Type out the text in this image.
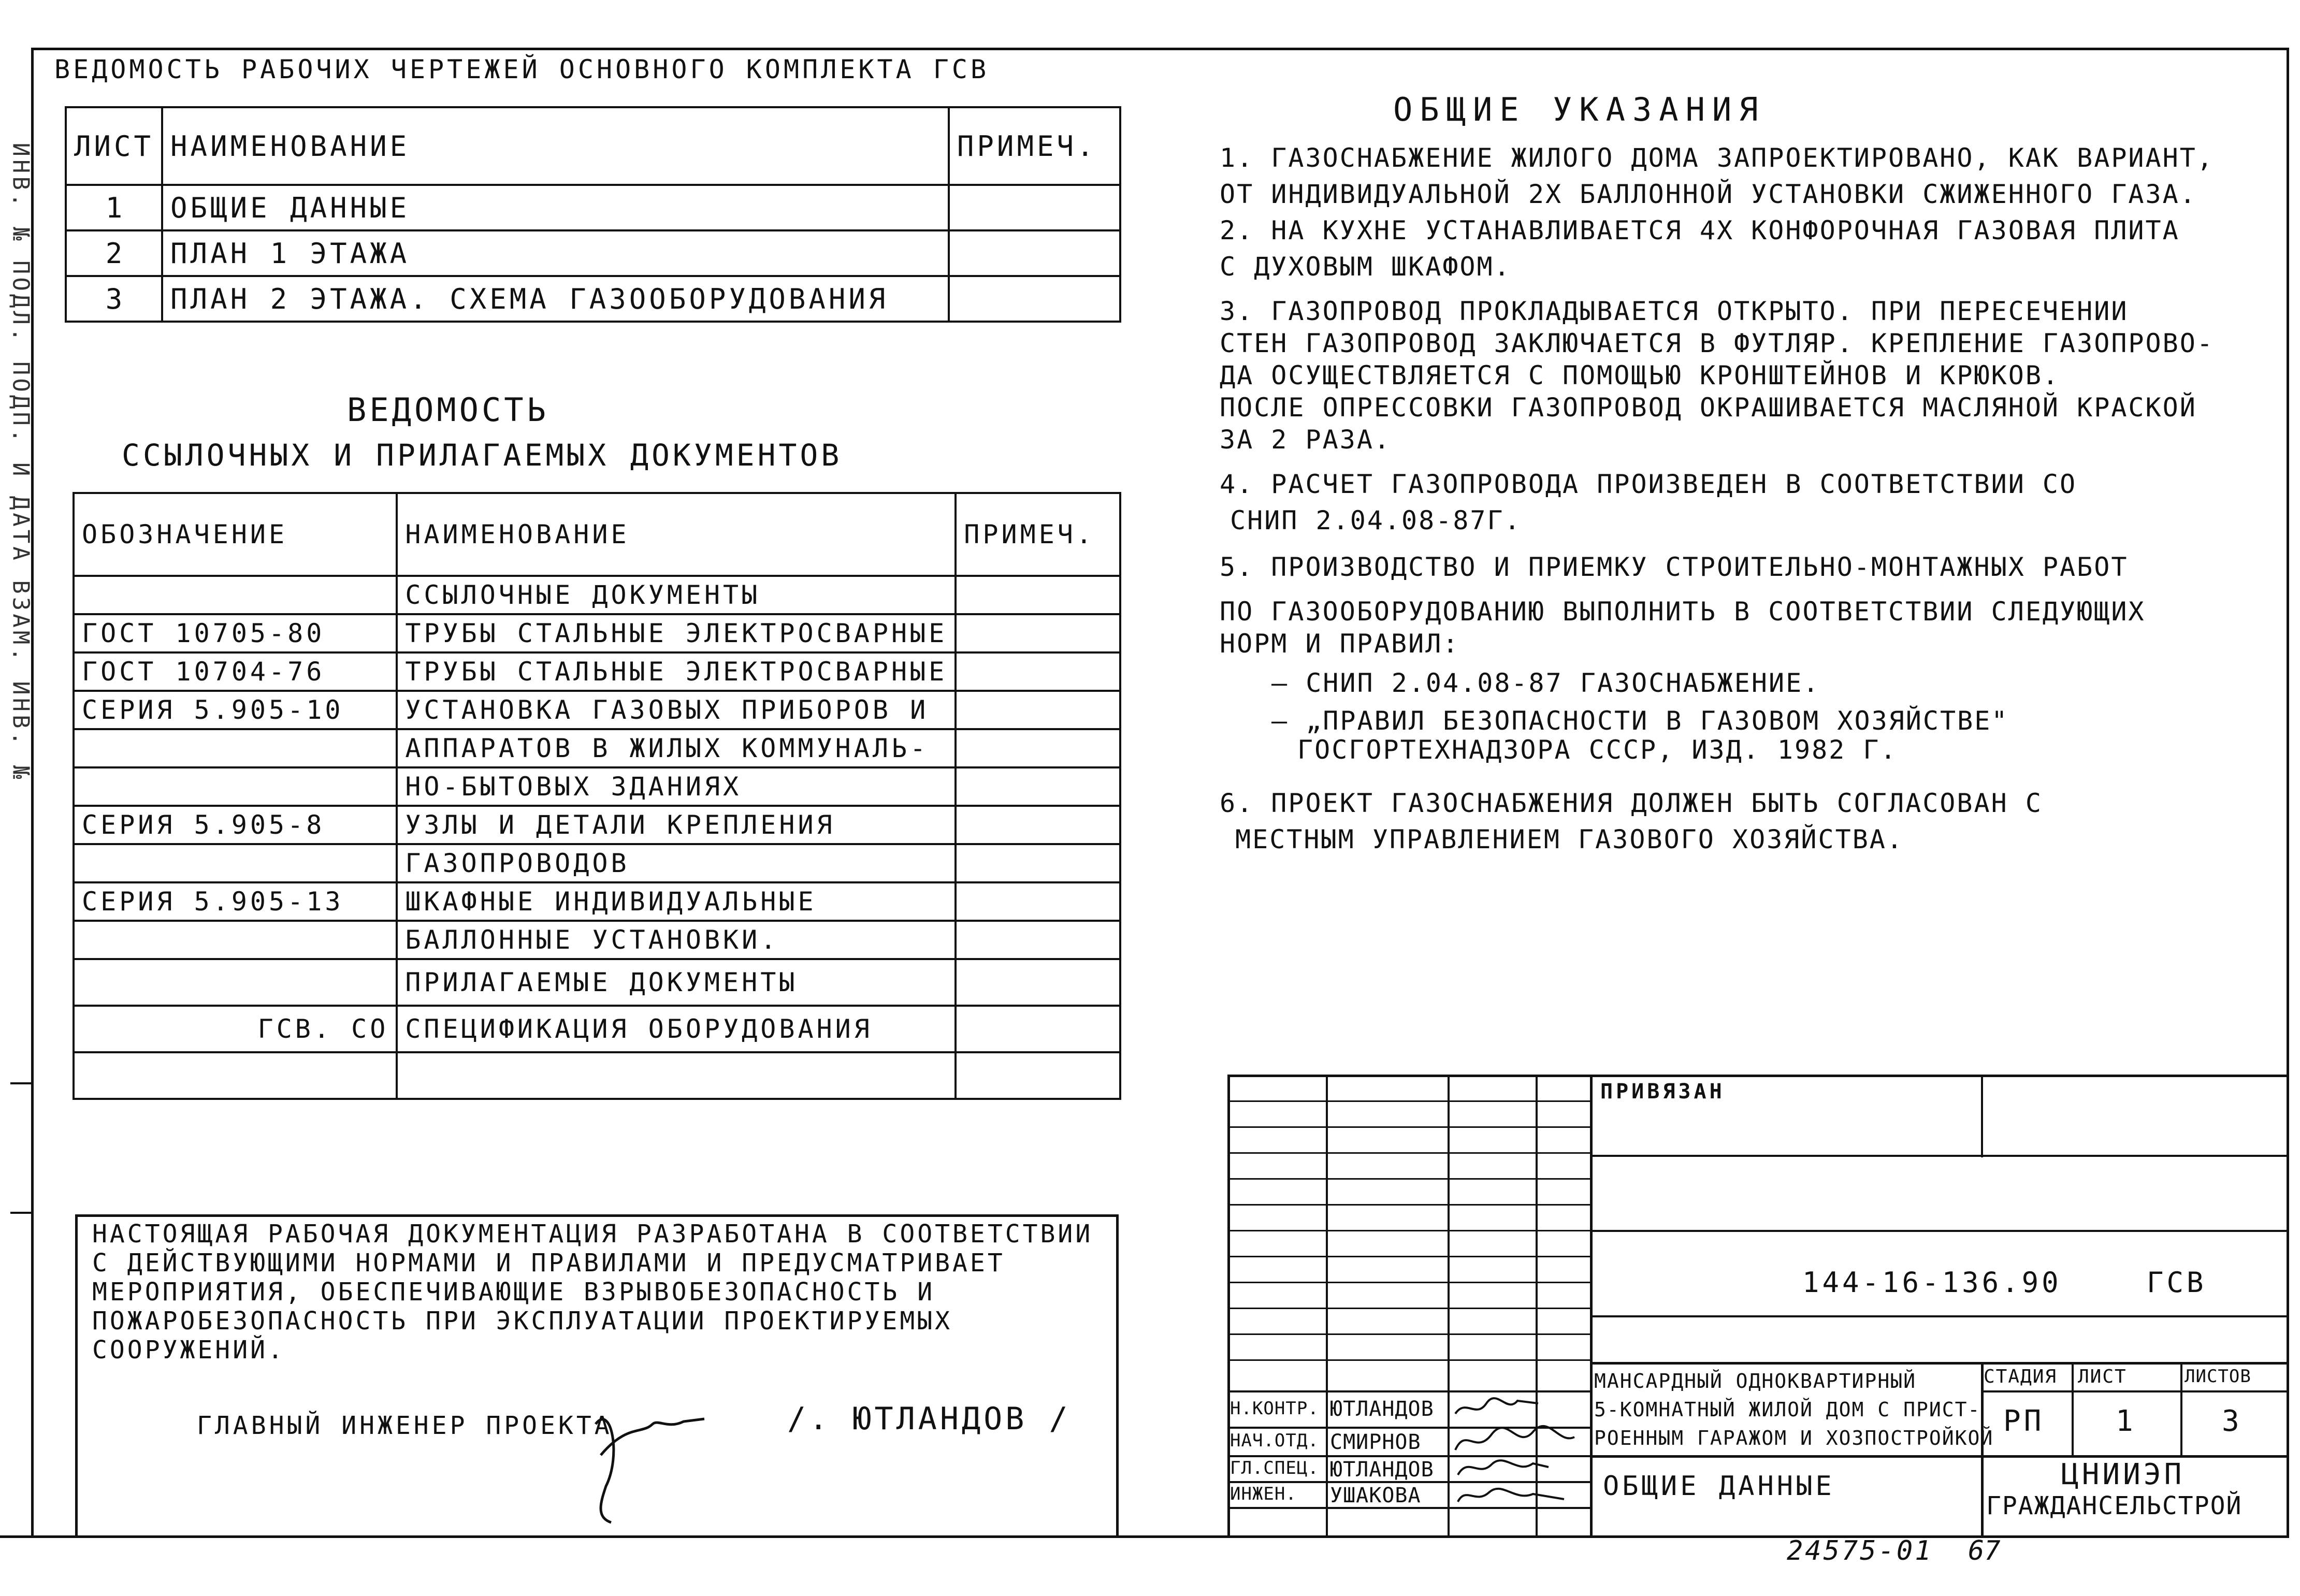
ИНВ. № ПОДЛ. ПОДП. И ДАТА ВЗАМ. ИНВ. №
ВЕДОМОСТЬ РАБОЧИХ ЧЕРТЕЖЕЙ ОСНОВНОГО КОМПЛЕКТА ГСВ
ЛИСТ	НАИМЕНОВАНИЕ	ПРИМЕЧ.
1	ОБЩИЕ ДАННЫЕ	
2	ПЛАН 1 ЭТАЖА	
3	ПЛАН 2 ЭТАЖА. СХЕМА ГАЗООБОРУДОВАНИЯ	
ВЕДОМОСТЬ
ССЫЛОЧНЫХ И ПРИЛАГАЕМЫХ ДОКУМЕНТОВ
ОБОЗНАЧЕНИЕ	НАИМЕНОВАНИЕ	ПРИМЕЧ.
	ССЫЛОЧНЫЕ ДОКУМЕНТЫ	
ГОСТ 10705-80	ТРУБЫ СТАЛЬНЫЕ ЭЛЕКТРОСВАРНЫЕ	
ГОСТ 10704-76	ТРУБЫ СТАЛЬНЫЕ ЭЛЕКТРОСВАРНЫЕ	
СЕРИЯ 5.905-10	УСТАНОВКА ГАЗОВЫХ ПРИБОРОВ И	
	АППАРАТОВ В ЖИЛЫХ КОММУНАЛЬ-	
	НО-БЫТОВЫХ ЗДАНИЯХ	
СЕРИЯ 5.905-8	УЗЛЫ И ДЕТАЛИ КРЕПЛЕНИЯ	
	ГАЗОПРОВОДОВ	
СЕРИЯ 5.905-13	ШКАФНЫЕ ИНДИВИДУАЛЬНЫЕ	
	БАЛЛОННЫЕ УСТАНОВКИ.	
	ПРИЛАГАЕМЫЕ ДОКУМЕНТЫ	
ГСВ. СО	СПЕЦИФИКАЦИЯ ОБОРУДОВАНИЯ	

НАСТОЯЩАЯ РАБОЧАЯ ДОКУМЕНТАЦИЯ РАЗРАБОТАНА В СООТВЕТСТВИИ

С ДЕЙСТВУЮЩИМИ НОРМАМИ И ПРАВИЛАМИ И ПРЕДУСМАТРИВАЕТ

МЕРОПРИЯТИЯ, ОБЕСПЕЧИВАЮЩИЕ ВЗРЫВОБЕЗОПАСНОСТЬ И

ПОЖАРОБЕЗОПАСНОСТЬ ПРИ ЭКСПЛУАТАЦИИ ПРОЕКТИРУЕМЫХ

СООРУЖЕНИЙ.

ГЛАВНЫЙ ИНЖЕНЕР ПРОЕКТА	/. ЮТЛАНДОВ /
ОБЩИЕ УКАЗАНИЯ
1. ГАЗОСНАБЖЕНИЕ ЖИЛОГО ДОМА ЗАПРОЕКТИРОВАНО, КАК ВАРИАНТ,
ОТ ИНДИВИДУАЛЬНОЙ 2Х БАЛЛОННОЙ УСТАНОВКИ СЖИЖЕННОГО ГАЗА.
2. НА КУХНЕ УСТАНАВЛИВАЕТСЯ 4Х КОНФОРОЧНАЯ ГАЗОВАЯ ПЛИТА
С ДУХОВЫМ ШКАФОМ.
3. ГАЗОПРОВОД ПРОКЛАДЫВАЕТСЯ ОТКРЫТО. ПРИ ПЕРЕСЕЧЕНИИ
СТЕН ГАЗОПРОВОД ЗАКЛЮЧАЕТСЯ В ФУТЛЯР. КРЕПЛЕНИЕ ГАЗОПРОВО-
ДА ОСУЩЕСТВЛЯЕТСЯ С ПОМОЩЬЮ КРОНШТЕЙНОВ И КРЮКОВ.
ПОСЛЕ ОПРЕССОВКИ ГАЗОПРОВОД ОКРАШИВАЕТСЯ МАСЛЯНОЙ КРАСКОЙ
ЗА 2 РАЗА.
4. РАСЧЕТ ГАЗОПРОВОДА ПРОИЗВЕДЕН В СООТВЕТСТВИИ СО
СНИП 2.04.08-87Г.
5. ПРОИЗВОДСТВО И ПРИЕМКУ СТРОИТЕЛЬНО-МОНТАЖНЫХ РАБОТ
ПО ГАЗООБОРУДОВАНИЮ ВЫПОЛНИТЬ В СООТВЕТСТВИИ СЛЕДУЮЩИХ
НОРМ И ПРАВИЛ:
– СНИП 2.04.08-87 ГАЗОСНАБЖЕНИЕ.
– „ПРАВИЛ БЕЗОПАСНОСТИ В ГАЗОВОМ ХОЗЯЙСТВЕ"
ГОСГОРТЕХНАДЗОРА СССР, ИЗД. 1982 Г.
6. ПРОЕКТ ГАЗОСНАБЖЕНИЯ ДОЛЖЕН БЫТЬ СОГЛАСОВАН С
МЕСТНЫМ УПРАВЛЕНИЕМ ГАЗОВОГО ХОЗЯЙСТВА.
ПРИВЯЗАН
144-16-136.90	ГСВ
МАНСАРДНЫЙ ОДНОКВАРТИРНЫЙ
5-КОМНАТНЫЙ ЖИЛОЙ ДОМ С ПРИСТ-
РОЕННЫМ ГАРАЖОМ И ХОЗПОСТРОЙКОЙ
ОБЩИЕ ДАННЫЕ
СТАДИЯ ЛИСТ	ЛИСТОВ
РП 1	3
ЦНИИЭП
ГРАЖДАНСЕЛЬСТРОЙ
Н.КОНТР. ЮТЛАНДОВ
НАЧ.ОТД. СМИРНОВ
ГЛ.СПЕЦ. ЮТЛАНДОВ
ИНЖЕН. УШАКОВА
24575-01 67
